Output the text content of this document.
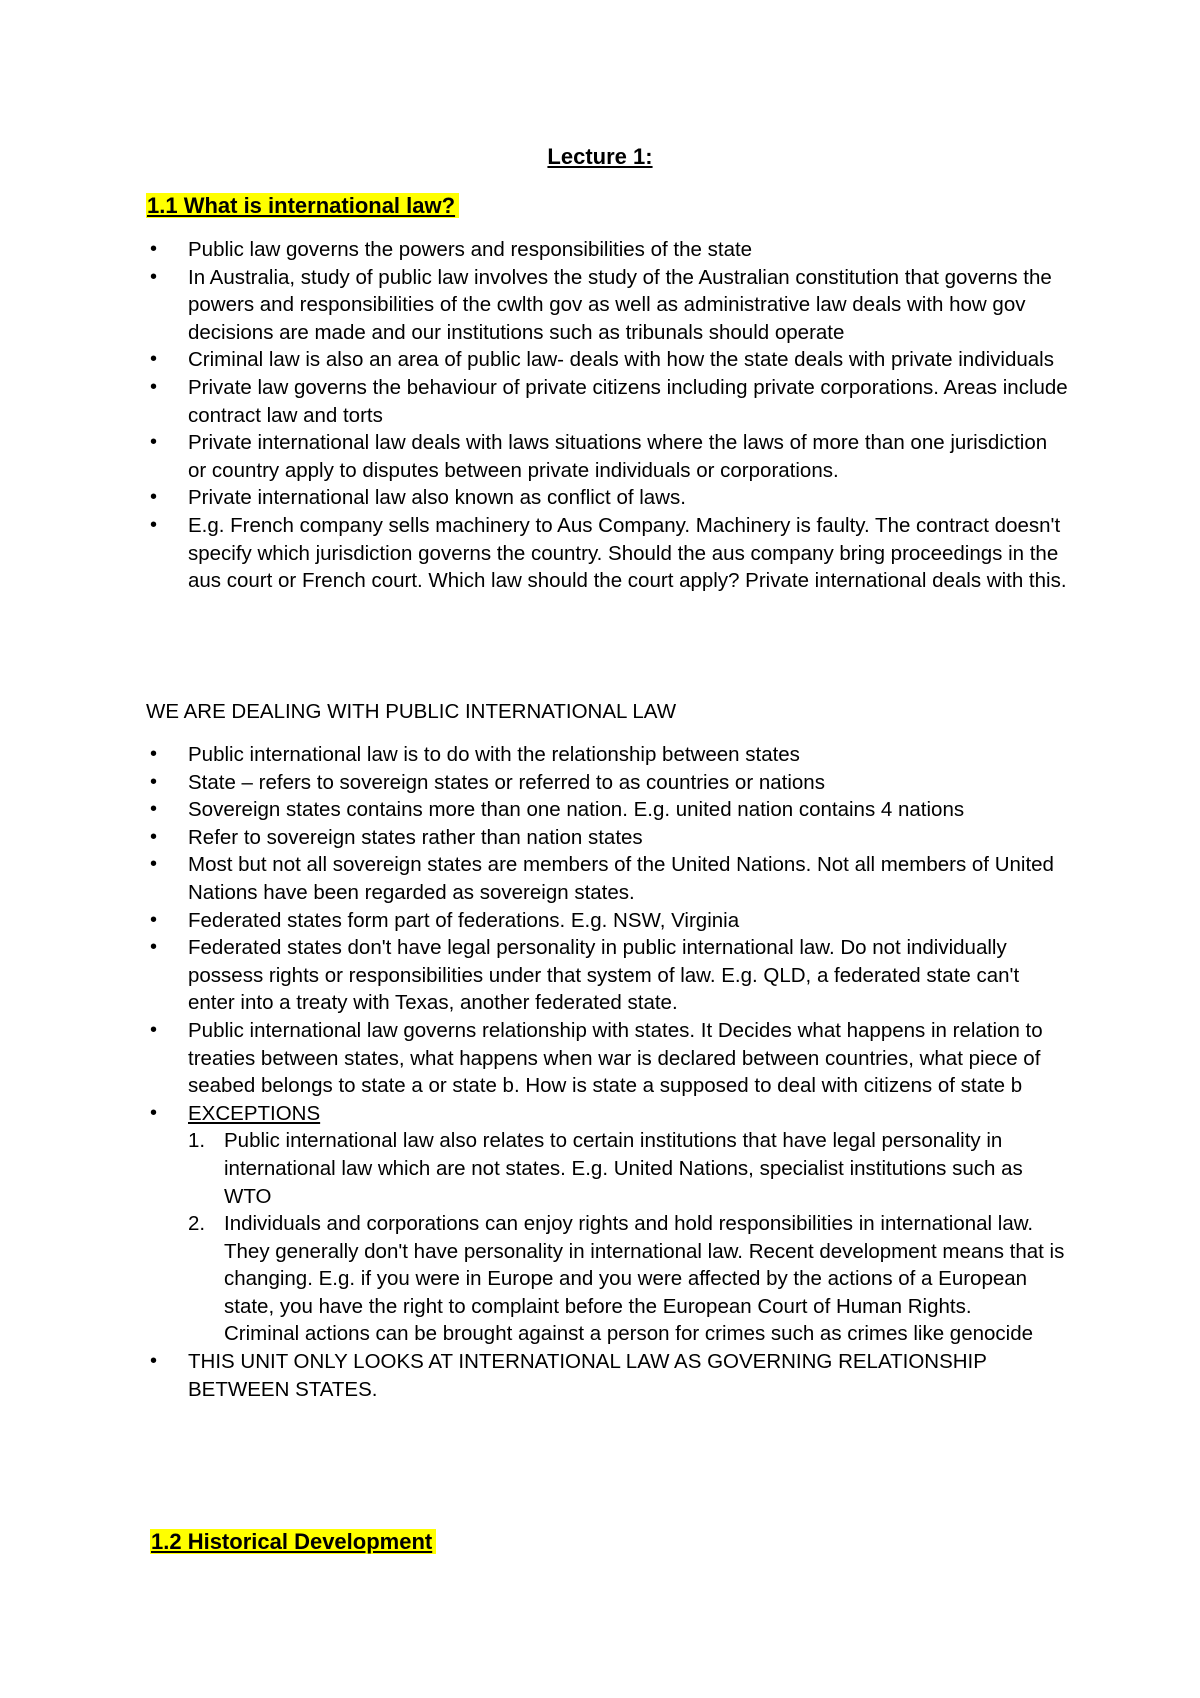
Lecture 1:
1.1 What is international law?
• Public law governs the powers and responsibilities of the state
• In Australia, study of public law involves the study of the Australian constitution that governs the powers and responsibilities of the cwlth gov as well as administrative law deals with how gov decisions are made and our institutions such as tribunals should operate
• Criminal law is also an area of public law- deals with how the state deals with private individuals
• Private law governs the behaviour of private citizens including private corporations. Areas include contract law and torts
• Private international law deals with laws situations where the laws of more than one jurisdiction or country apply to disputes between private individuals or corporations.
• Private international law also known as conflict of laws.
• E.g. French company sells machinery to Aus Company. Machinery is faulty. The contract doesn't specify which jurisdiction governs the country. Should the aus company bring proceedings in the aus court or French court. Which law should the court apply? Private international deals with this.
WE ARE DEALING WITH PUBLIC INTERNATIONAL LAW
• Public international law is to do with the relationship between states
• State – refers to sovereign states or referred to as countries or nations
• Sovereign states contains more than one nation. E.g. united nation contains 4 nations
• Refer to sovereign states rather than nation states
• Most but not all sovereign states are members of the United Nations. Not all members of United Nations have been regarded as sovereign states.
• Federated states form part of federations. E.g. NSW, Virginia
• Federated states don't have legal personality in public international law. Do not individually possess rights or responsibilities under that system of law. E.g. QLD, a federated state can't enter into a treaty with Texas, another federated state.
• Public international law governs relationship with states. It Decides what happens in relation to treaties between states, what happens when war is declared between countries, what piece of seabed belongs to state a or state b. How is state a supposed to deal with citizens of state b
• EXCEPTIONS
1. Public international law also relates to certain institutions that have legal personality in international law which are not states. E.g. United Nations, specialist institutions such as WTO
2. Individuals and corporations can enjoy rights and hold responsibilities in international law.
They generally don't have personality in international law. Recent development means that is changing. E.g. if you were in Europe and you were affected by the actions of a European state, you have the right to complaint before the European Court of Human Rights.
Criminal actions can be brought against a person for crimes such as crimes like genocide
• THIS UNIT ONLY LOOKS AT INTERNATIONAL LAW AS GOVERNING RELATIONSHIP BETWEEN STATES.
1.2 Historical Development
